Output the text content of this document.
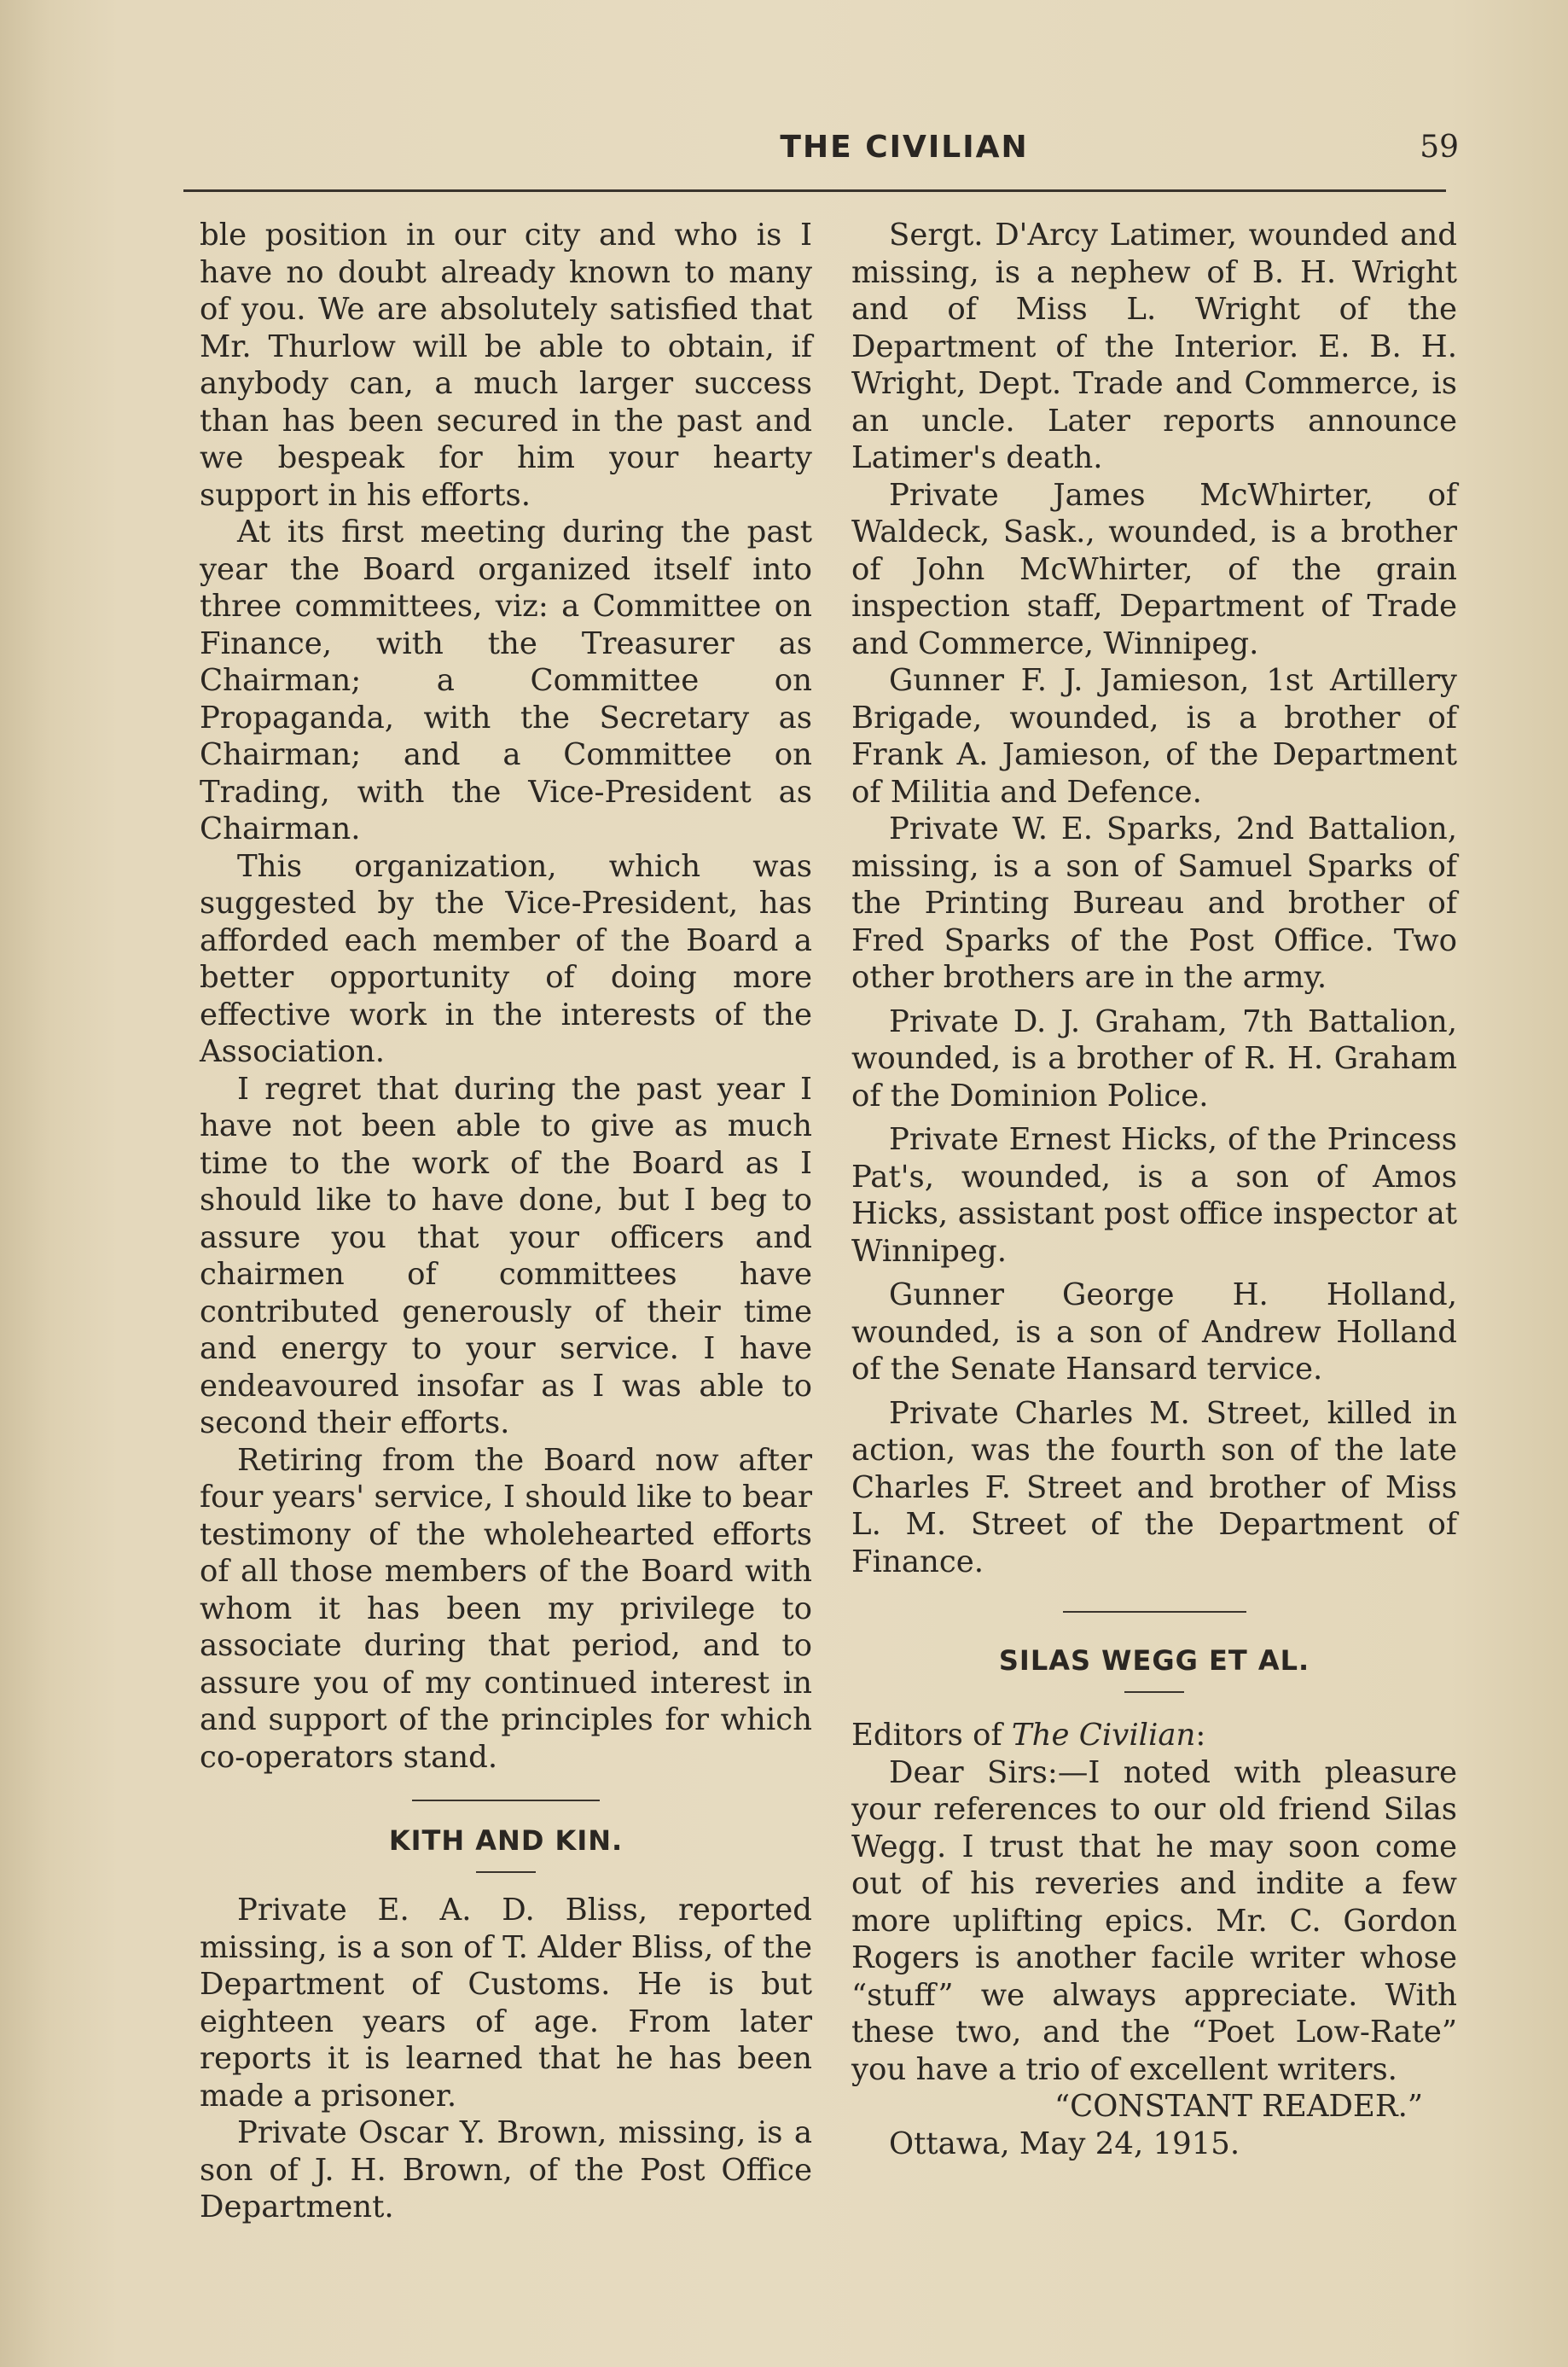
THE CIVILIAN	59

ble position in our city and who is I have no doubt already known to many of you. We are absolutely satisfied that Mr. Thurlow will be able to obtain, if anybody can, a much larger success than has been secured in the past and we bespeak for him your hearty support in his efforts.

At its first meeting during the past year the Board organized itself into three committees, viz: a Committee on Finance, with the Treasurer as Chairman; a Committee on Propaganda, with the Secretary as Chairman; and a Committee on Trading, with the Vice-President as Chairman.

This organization, which was suggested by the Vice-President, has afforded each member of the Board a better opportunity of doing more effective work in the interests of the Association.

I regret that during the past year I have not been able to give as much time to the work of the Board as I should like to have done, but I beg to assure you that your officers and chairmen of committees have contributed generously of their time and energy to your service. I have endeavoured insofar as I was able to second their efforts.

Retiring from the Board now after four years' service, I should like to bear testimony of the wholehearted efforts of all those members of the Board with whom it has been my privilege to associate during that period, and to assure you of my continued interest in and support of the principles for which co-operators stand.

KITH AND KIN.

Private E. A. D. Bliss, reported missing, is a son of T. Alder Bliss, of the Department of Customs. He is but eighteen years of age. From later reports it is learned that he has been made a prisoner.

Private Oscar Y. Brown, missing, is a son of J. H. Brown, of the Post Office Department.

Sergt. D'Arcy Latimer, wounded and missing, is a nephew of B. H. Wright and of Miss L. Wright of the Department of the Interior. E. B. H. Wright, Dept. Trade and Commerce, is an uncle. Later reports announce Latimer's death.

Private James McWhirter, of Waldeck, Sask., wounded, is a brother of John McWhirter, of the grain inspection staff, Department of Trade and Commerce, Winnipeg.

Gunner F. J. Jamieson, 1st Artillery Brigade, wounded, is a brother of Frank A. Jamieson, of the Department of Militia and Defence.

Private W. E. Sparks, 2nd Battalion, missing, is a son of Samuel Sparks of the Printing Bureau and brother of Fred Sparks of the Post Office. Two other brothers are in the army.

Private D. J. Graham, 7th Battalion, wounded, is a brother of R. H. Graham of the Dominion Police.

Private Ernest Hicks, of the Princess Pat's, wounded, is a son of Amos Hicks, assistant post office inspector at Winnipeg.

Gunner George H. Holland, wounded, is a son of Andrew Holland of the Senate Hansard tervice.

Private Charles M. Street, killed in action, was the fourth son of the late Charles F. Street and brother of Miss L. M. Street of the Department of Finance.

SILAS WEGG ET AL.

Editors of The Civilian:

Dear Sirs:—I noted with pleasure your references to our old friend Silas Wegg. I trust that he may soon come out of his reveries and indite a few more uplifting epics. Mr. C. Gordon Rogers is another facile writer whose “stuff” we always appreciate. With these two, and the “Poet Low-Rate” you have a trio of excellent writers.

“CONSTANT READER.”

Ottawa, May 24, 1915.
